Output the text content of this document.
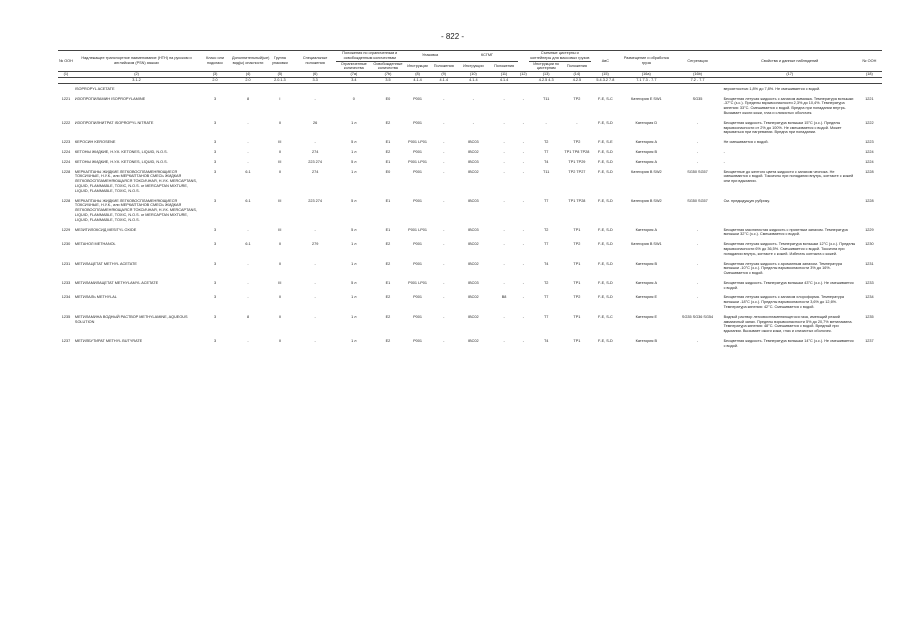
- 822 -
№ ООН	Надлежащее транспортное наименование (НТН) на русском и английском (PSN) языках	Класс или подкласс	Дополнительный(ые) вид(ы) опасности	Группа упаковки	Специальные положения	Положения по ограниченным и освобожденным количествам		Упаковка		КСГМГ			Съемные цистерны и контейнеры для массовых грузов		АвС	Размещение и обработка груза	Сегрегация	Свойства и данные наблюдений	№ ООН
						Ограниченные количества	Освобожденные количества	Инструкции	Положения	Инструкции	Положения		Инструкции по цистернам	Положения					
(1)	(2)	(3)	(4)	(5)	(6)	(7a)	(7b)	(8)	(9)	(10)	(11)	(12)	(13)	(14)	(15)	(16a)	(16b)	(17)	(18)
	3.1.2	2.0	2.0	2.0.1.3	3.3	3.4	3.5	4.1.4	4.1.4	4.1.4	4.1.4		4.2.5 4.3	4.2.5	5.4.3.2 7.8	7.1 7.3 - 7.7	7.2 - 7.7		
	ISOPROPYL ACETATE																	вероятностью 1,8% до 7,8%. Не смешивается с водой.	
1221	ИЗОПРОПИЛАМИН ISOPROPYLAMINE	3	8	I	-	0	E0	P001	-	-	-	-	T11	TP2	F-E, S-C	Категория E SW1	SG35	Бесцветная летучая жидкость с запахом аммиака. Температура вспышки -37°C (з.с.). Пределы взрывоопасности 2,3% до 10,4%. Температура кипения: 33°C. Смешивается с водой. Вредна при попадании внутрь. Вызывает ожоги кожи, глаз и слизистых оболочек.	1221
1222	ИЗОПРОПИЛНИТРАТ ISOPROPYL NITRATE	3	-	II	26	1 л	E2	P001	-	-	-	-	-	-	F-E, S-D	Категория D	-	Бесцветная жидкость. Температура вспышки 15°C (з.с.). Пределы взрывоопасности от 2% до 100%. Не смешивается с водой. Может взрываться при нагревании. Вредна при попадании.	1222
1223	КЕРОСИН KEROSENE	3	-	III	-	5 л	E1	P001 LP01	-	IBC03	-	-	T2	TP2	F-E, S-E	Категория A	-	Не смешивается с водой.	1223
1224	КЕТОНЫ ЖИДКИЕ, Н.У.К. KETONES, LIQUID, N.O.S.	3	-	II	274	1 л	E2	P001	-	IBC02	-	-	T7	TP1 TP8 TP28	F-E, S-D	Категория B	-	-	1224
1224	КЕТОНЫ ЖИДКИЕ, Н.У.К. KETONES, LIQUID, N.O.S.	3	-	III	223 274	5 л	E1	P001 LP01	-	IBC03	-	-	T4	TP1 TP29	F-E, S-D	Категория A	-	-	1224
1228	МЕРКАПТАНЫ ЖИДКИЕ ЛЕГКОВОСПЛАМЕНЯЮЩИЕСЯ ТОКСИЧНЫЕ, Н.У.К., или МЕРКАПТАНОВ СМЕСЬ ЖИДКАЯ ЛЕГКОВОСПЛАМЕНЯЮЩАЯСЯ ТОКСИЧНАЯ, Н.У.К. MERCAPTANS, LIQUID, FLAMMABLE, TOXIC, N.O.S. or MERCAPTAN MIXTURE, LIQUID, FLAMMABLE, TOXIC, N.O.S.	3	6.1	II	274	1 л	E0	P001	-	IBC02	-	-	T11	TP2 TP27	F-E, S-D	Категория B SW2	SG50 SG57	Бесцветные до желтого цвета жидкости с запахом чеснока. Не смешиваются с водой. Токсичны при попадании внутрь, контакте с кожей или при вдыхании.	1228
1228	МЕРКАПТАНЫ ЖИДКИЕ ЛЕГКОВОСПЛАМЕНЯЮЩИЕСЯ ТОКСИЧНЫЕ, Н.У.К., или МЕРКАПТАНОВ СМЕСЬ ЖИДКАЯ ЛЕГКОВОСПЛАМЕНЯЮЩАЯСЯ ТОКСИЧНАЯ, Н.У.К. MERCAPTANS, LIQUID, FLAMMABLE, TOXIC, N.O.S. or MERCAPTAN MIXTURE, LIQUID, FLAMMABLE, TOXIC, N.O.S.	3	6.1	III	223 274	5 л	E1	P001	-	IBC03	-	-	T7	TP1 TP28	F-E, S-D	Категория B SW2	SG50 SG57	См. предыдущую рубрику.	1228
1229	МЕЗИТИЛОКСИД MESITYL OXIDE	3	-	III	-	5 л	E1	P001 LP01	-	IBC03	-	-	T2	TP1	F-E, S-D	Категория A	-	Бесцветная маслянистая жидкость с приятным запахом. Температура вспышки 32°C (з.с.). Смешивается с водой.	1229
1230	МЕТАНОЛ METHANOL	3	6.1	II	279	1 л	E2	P001	-	IBC02	-	-	T7	TP2	F-E, S-D	Категория B SW1	-	Бесцветная летучая жидкость. Температура вспышки 12°C (з.с.). Пределы взрывоопасности 6% до 36,5%. Смешивается с водой. Токсична при попадании внутрь, контакте с кожей. Избегать контакта с кожей.	1230
1231	МЕТИЛАЦЕТАТ METHYL ACETATE	3	-	II	-	1 л	E2	P001	-	IBC02	-	-	T4	TP1	F-E, S-D	Категория B	-	Бесцветная летучая жидкость с аромапным запахом. Температура вспышки -10°C (з.с.). Пределы взрывоопасности 3% до 16%. Смешивается с водой.	1231
1233	МЕТИЛАМИЛАЦЕТАТ METHYLAMYL ACETATE	3	-	III	-	5 л	E1	P001 LP01	-	IBC03	-	-	T2	TP1	F-E, S-D	Категория A	-	Бесцветная жидкость. Температура вспышки 43°C (з.с.). Не смешивается с водой.	1233
1234	МЕТИЛАЛЬ METHYLAL	3	-	II	-	1 л	E2	P001	-	IBC02	B8	-	T7	TP2	F-E, S-D	Категория E	-	Бесцветная летучая жидкость с запахом хлороформа. Температура вспышки -18°C (з.с.). Пределы взрывоопасности 3,6% до 12,6%. Температура кипения: 42°C. Смешивается с водой.	1234
1235	МЕТИЛАМИНА ВОДНЫЙ РАСТВОР METHYLAMINE, AQUEOUS SOLUTION	3	8	II	-	1 л	E2	P001	-	IBC02	-	-	T7	TP1	F-E, S-C	Категория E	SG35 SG36 SG54	Водный раствор легковоспламеняющегося газа, имеющий резкий аммиачный запах. Пределы взрывоопасности 5% до 20,7% метиламина. Температура кипения: 48°C. Смешивается с водой. Вредный при вдыхании. Вызывает ожоги кожи, глаз и слизистых оболочек.	1235
1237	МЕТИЛБУТИРАТ METHYL BUTYRATE	3	-	II	-	1 л	E2	P001	-	IBC02	-	-	T4	TP1	F-E, S-D	Категория B	-	Бесцветная жидкость. Температура вспышки 14°C (з.с.). Не смешивается с водой.	1237
